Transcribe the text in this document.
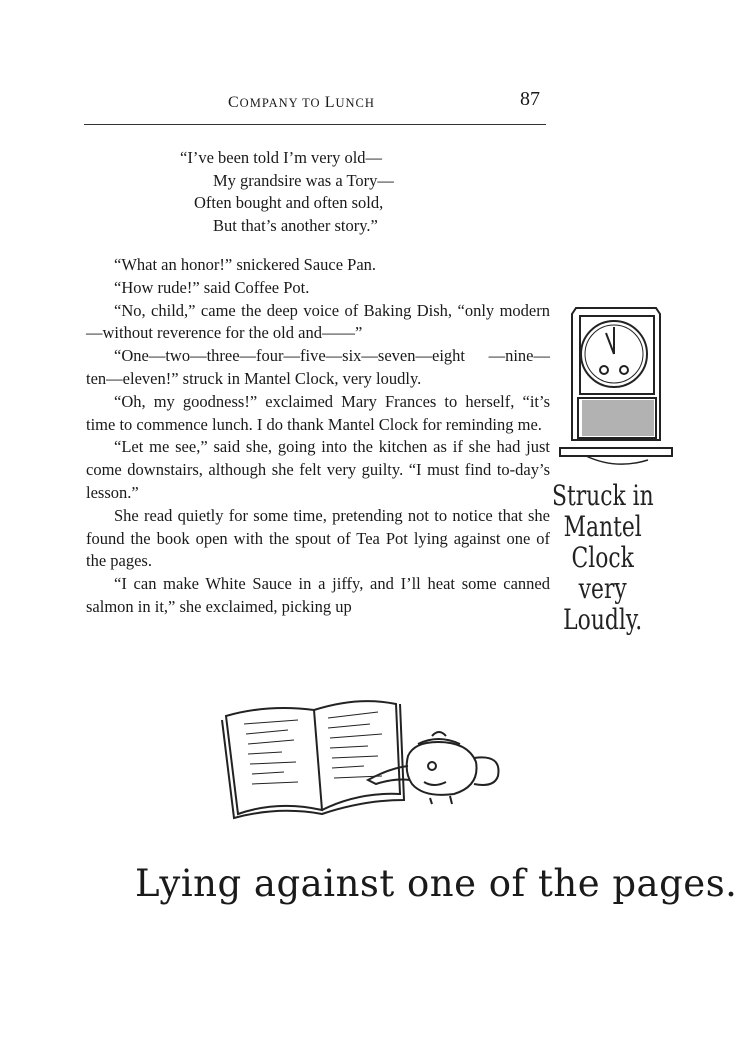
COMPANY TO LUNCH	87
“I’ve been told I’m very old—
My grandsire was a Tory—
Often bought and often sold,
But that’s another story.”

“What an honor!” snickered Sauce Pan.

“How rude!” said Coffee Pot.

“No, child,” came the deep voice of Baking Dish, “only modern—without reverence for the old and——”

“One—two—three—four—five—six—seven—eight —nine—ten—eleven!” struck in Mantel Clock, very loudly.

“Oh, my goodness!” exclaimed Mary Frances to herself, “it’s time to commence lunch. I do thank Mantel Clock for reminding me.

“Let me see,” said she, going into the kitchen as if she had just come downstairs, although she felt very guilty. “I must find to-day’s lesson.”

She read quietly for some time, pretending not to notice that she found the book open with the spout of Tea Pot lying against one of the pages.

“I can make White Sauce in a jiffy, and I’ll heat some canned salmon in it,” she exclaimed, picking up

Struck in
Mantel
Clock
very
Loudly.
Lying against one of the pages.
